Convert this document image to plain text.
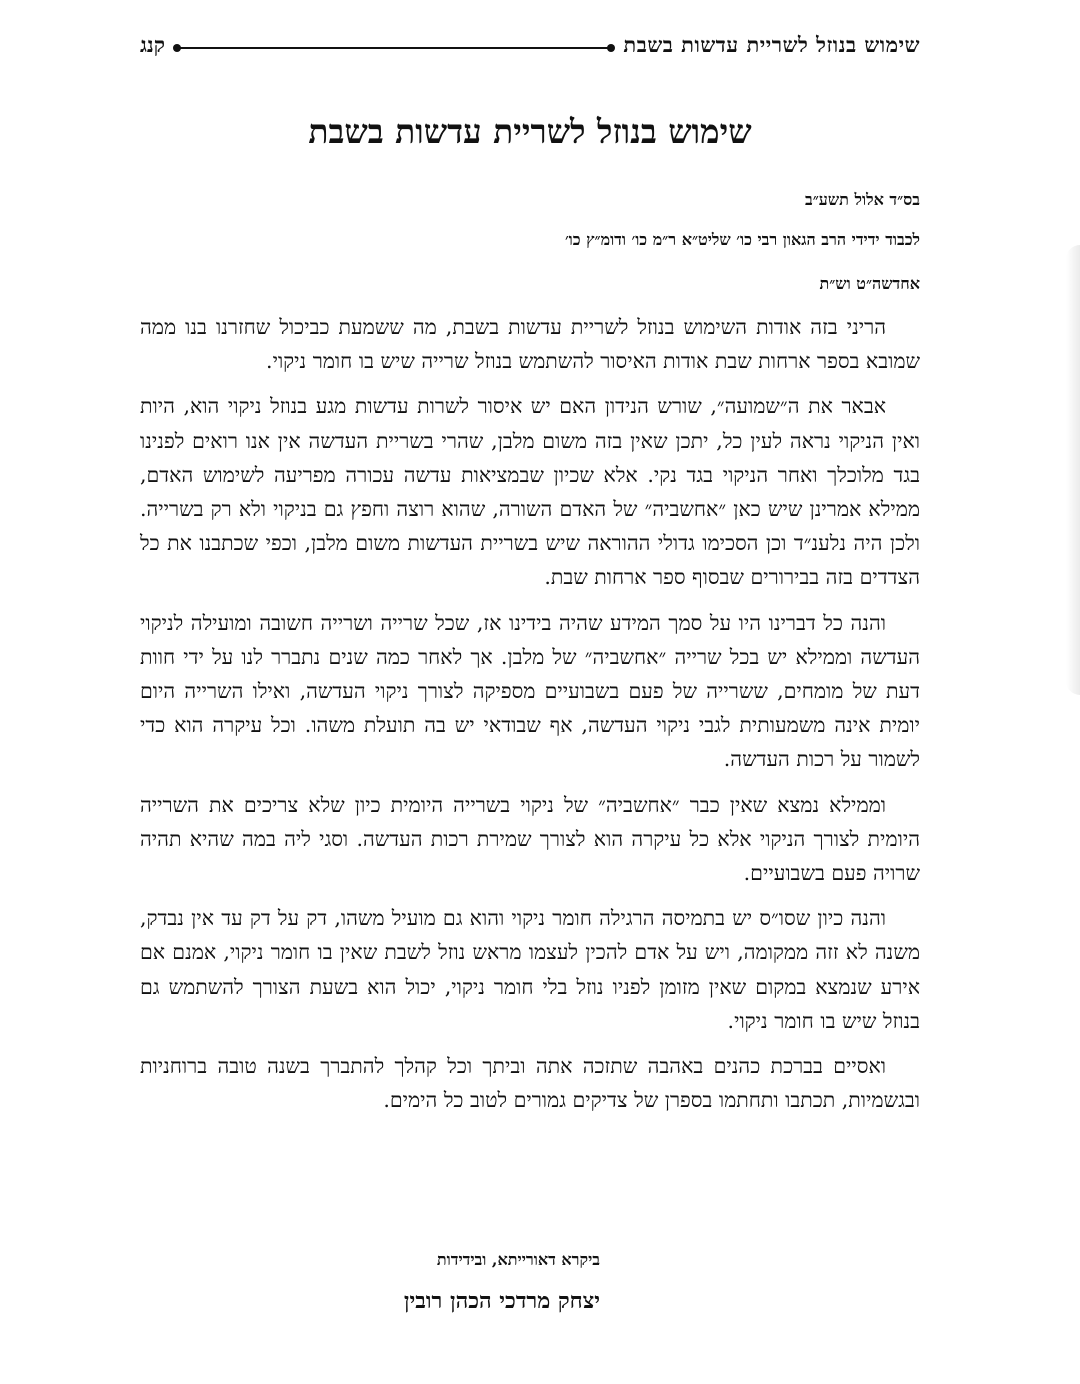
שימוש בנוזל לשריית עדשות בשבת
קנג
שימוש בנוזל לשריית עדשות בשבת
בס״ד אלול תשע״ב
לכבוד ידידי הרב הגאון רבי כו׳ שליט״א ר״מ כו׳ ודומ״ץ כו׳
אחדשה״ט וש״ת

הריני בזה אודות השימוש בנוזל לשריית עדשות בשבת, מה ששמעת כביכול שחזרנו בנו ממה שמובא בספר ארחות שבת אודות האיסור להשתמש בנוזל שרייה שיש בו חומר ניקוי.

אבאר את ה״שמועה״, שורש הנידון האם יש איסור לשרות עדשות מגע בנוזל ניקוי הוא, היות ואין הניקוי נראה לעין כל, יתכן שאין בזה משום מלבן, שהרי בשריית העדשה אין אנו רואים לפנינו בגד מלוכלך ואחר הניקוי בגד נקי. אלא שכיון שבמציאות עדשה עכורה מפריעה לשימוש האדם, ממילא אמרינן שיש כאן ״אחשביה״ של האדם השורה, שהוא רוצה וחפץ גם בניקוי ולא רק בשרייה. ולכן היה נלענ״ד וכן הסכימו גדולי ההוראה שיש בשריית העדשות משום מלבן, וכפי שכתבנו את כל הצדדים בזה בבירורים שבסוף ספר ארחות שבת.

והנה כל דברינו היו על סמך המידע שהיה בידינו אז, שכל שרייה ושרייה חשובה ומועילה לניקוי העדשה וממילא יש בכל שרייה ״אחשביה״ של מלבן. אך לאחר כמה שנים נתברר לנו על ידי חוות דעת של מומחים, ששרייה של פעם בשבועיים מספיקה לצורך ניקוי העדשה, ואילו השרייה היום יומית אינה משמעותית לגבי ניקוי העדשה, אף שבודאי יש בה תועלת משהו. וכל עיקרה הוא כדי לשמור על רכות העדשה.

וממילא נמצא שאין כבר ״אחשביה״ של ניקוי בשרייה היומית כיון שלא צריכים את השרייה היומית לצורך הניקוי אלא כל עיקרה הוא לצורך שמירת רכות העדשה. וסגי ליה במה שהיא תהיה שרויה פעם בשבועיים.

והנה כיון שסו״ס יש בתמיסה הרגילה חומר ניקוי והוא גם מועיל משהו, דק על דק עד אין נבדק, משנה לא זזה ממקומה, ויש על אדם להכין לעצמו מראש נוזל לשבת שאין בו חומר ניקוי, אמנם אם אירע שנמצא במקום שאין מזומן לפניו נוזל בלי חומר ניקוי, יכול הוא בשעת הצורך להשתמש גם בנוזל שיש בו חומר ניקוי.

ואסיים בברכת כהנים באהבה שתזכה אתה וביתך וכל קהלך להתברך בשנה טובה ברוחניות ובגשמיות, תכתבו ותחתמו בספרן של צדיקים גמורים לטוב כל הימים.

ביקרא דאורייתא, ובידידות
יצחק מרדכי הכהן רובין
